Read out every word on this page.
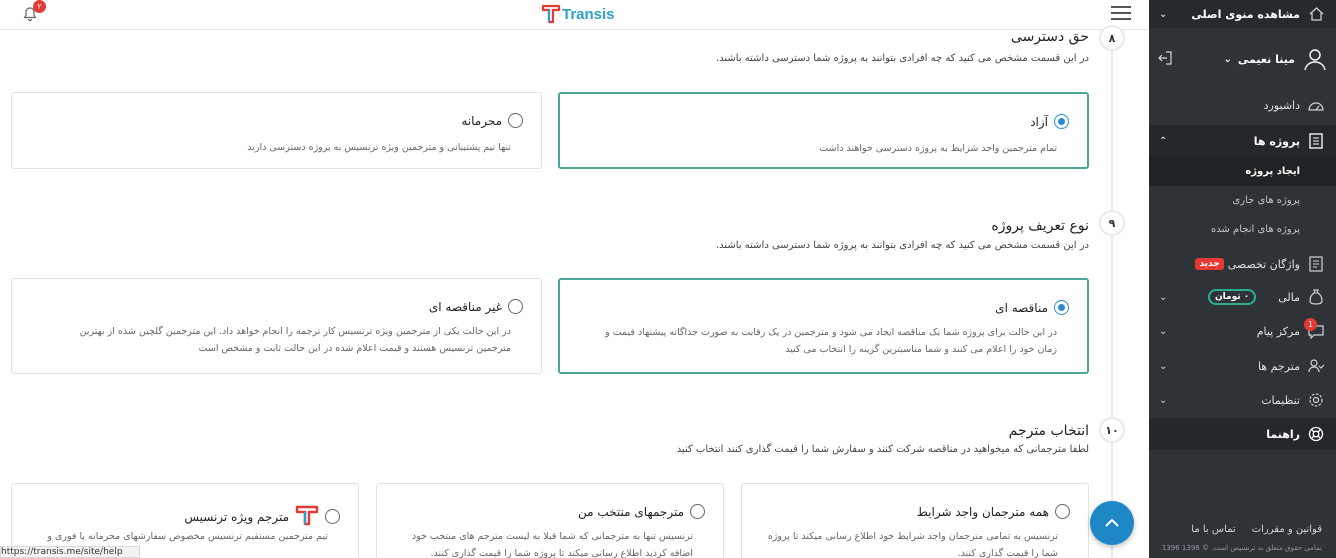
۲	Transis
۸
حق دسترسی
در این قسمت مشخص می کنید که چه افرادی بتوانند به پروژه شما دسترسی داشته باشند.
آزاد
تمام مترجمین واجد شرایط به پروژه دسترسی خواهند داشت
محرمانه
تنها تیم پشتیبانی و مترجمین ویژه ترنسیس به پروژه دسترسی دارند
۹
نوع تعریف پروژه
در این قسمت مشخص می کنید که چه افرادی بتوانند به پروژه شما دسترسی داشته باشند.
مناقصه ای
در این حالت برای پروژه شما یک مناقصه ایجاد می شود و مترجمین در یک رقابت به صورت جداگانه پیشنهاد قیمت و
زمان خود را اعلام می کنند و شما مناسبترین گزینه را انتخاب می کنید
غیر مناقصه ای
در این حالت یکی از مترجمین ویژه ترنسیس کار ترجمه را انجام خواهد داد. این مترجمین گلچین شده از بهترین
مترجمین ترنسیس هستند و قیمت اعلام شده در این حالت ثابت و مشخص است
۱۰
انتخاب مترجم
لطفا مترجمانی که میخواهید در مناقصه شرکت کنند و سفارش شما را قیمت گذاری کنند انتخاب کنید
همه مترجمان واجد شرایط
ترنسیس به تمامی مترجمان واجد شرایط خود اطلاع رسانی میکند تا پروژه
شما را قیمت گذاری کنند.
مترجمهای منتخب من
ترنسیس تنها به مترجمانی که شما قبلا به لیست مترجم های منتخب خود
اضافه کردید اطلاع رسانی میکند تا پروژه شما را قیمت گذاری کنند.
مترجم ویژه ترنسیس
تیم مترجمین مستقیم ترنسیس مخصوص سفارشهای محرمانه یا فوری و
https://transis.me/site/help
مشاهده منوی اصلی
⌄
مینا نعیمی
⌄
داشبورد
پروژه ها
⌃
ایجاد پروژه
پروژه های جاری
پروژه های انجام شده
واژگان تخصصی
جدید
مالی
۰ تومان
⌄
1
مرکز پیام
⌄
مترجم ها
⌄
تنظیمات
⌄
راهنما
قوانین و مقررات
تماس با ما
تمامی حقوق متعلق به ترنسیس است. © 1398 1396
